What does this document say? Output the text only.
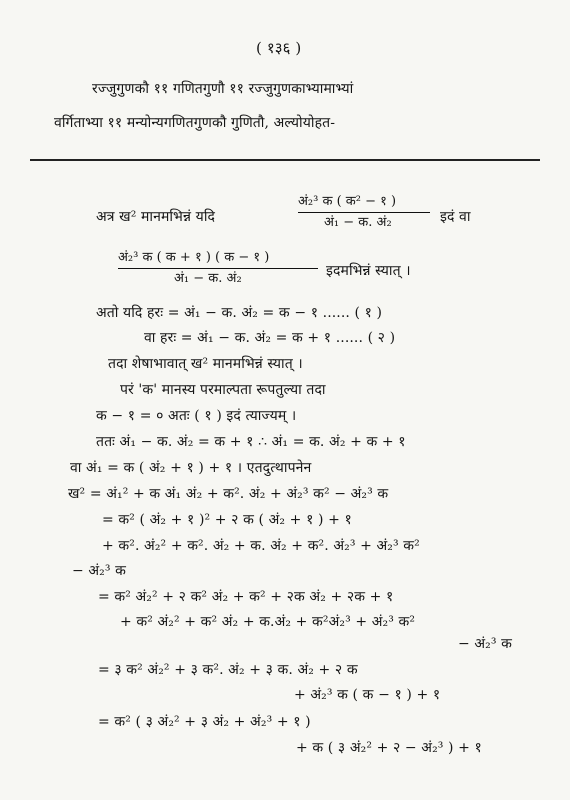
( १३६ )
रज्जुगुणकौ ११ गणितगुणौ ११ रज्जुगुणकाभ्यामाभ्यां
वर्गिताभ्या ११ मन्योन्यगणितगुणकौ गुणितौ, अल्योयोहत-
अत्र ख² मानमभिन्नं यदि
अं₂³ क ( क² − १ )
अं₁ − क. अं₂	इदं वा
अं₂³ क ( क + १ ) ( क − १ )
अं₁ − क. अं₂	इदमभिन्नं स्यात् ।
अतो यदि हरः = अं₁ − क. अं₂ = क − १ ...... ( १ )
वा हरः = अं₁ − क. अं₂ = क + १ ...... ( २ )
तदा शेषाभावात् ख² मानमभिन्नं स्यात् ।
परं 'क' मानस्य परमाल्पता रूपतुल्या तदा
क − १ = ० अतः ( १ ) इदं त्याज्यम् ।
ततः अं₁ − क. अं₂ = क + १ ∴ अं₁ = क. अं₂ + क + १
वा अं₁ = क ( अं₂ + १ ) + १ । एतदुत्थापनेन
ख² = अं₁² + क अं₁ अं₂ + क². अं₂ + अं₂³ क² − अं₂³ क
= क² ( अं₂ + १ )² + २ क ( अं₂ + १ ) + १
+ क². अं₂² + क². अं₂ + क. अं₂ + क². अं₂³ + अं₂³ क²
− अं₂³ क
= क² अं₂² + २ क² अं₂ + क² + २क अं₂ + २क + १
+ क² अं₂² + क² अं₂ + क.अं₂ + क²अं₂³ + अं₂³ क²
− अं₂³ क
= ३ क² अं₂² + ३ क². अं₂ + ३ क. अं₂ + २ क
+ अं₂³ क ( क − १ ) + १
= क² ( ३ अं₂² + ३ अं₂ + अं₂³ + १ )
+ क ( ३ अं₂² + २ − अं₂³ ) + १
